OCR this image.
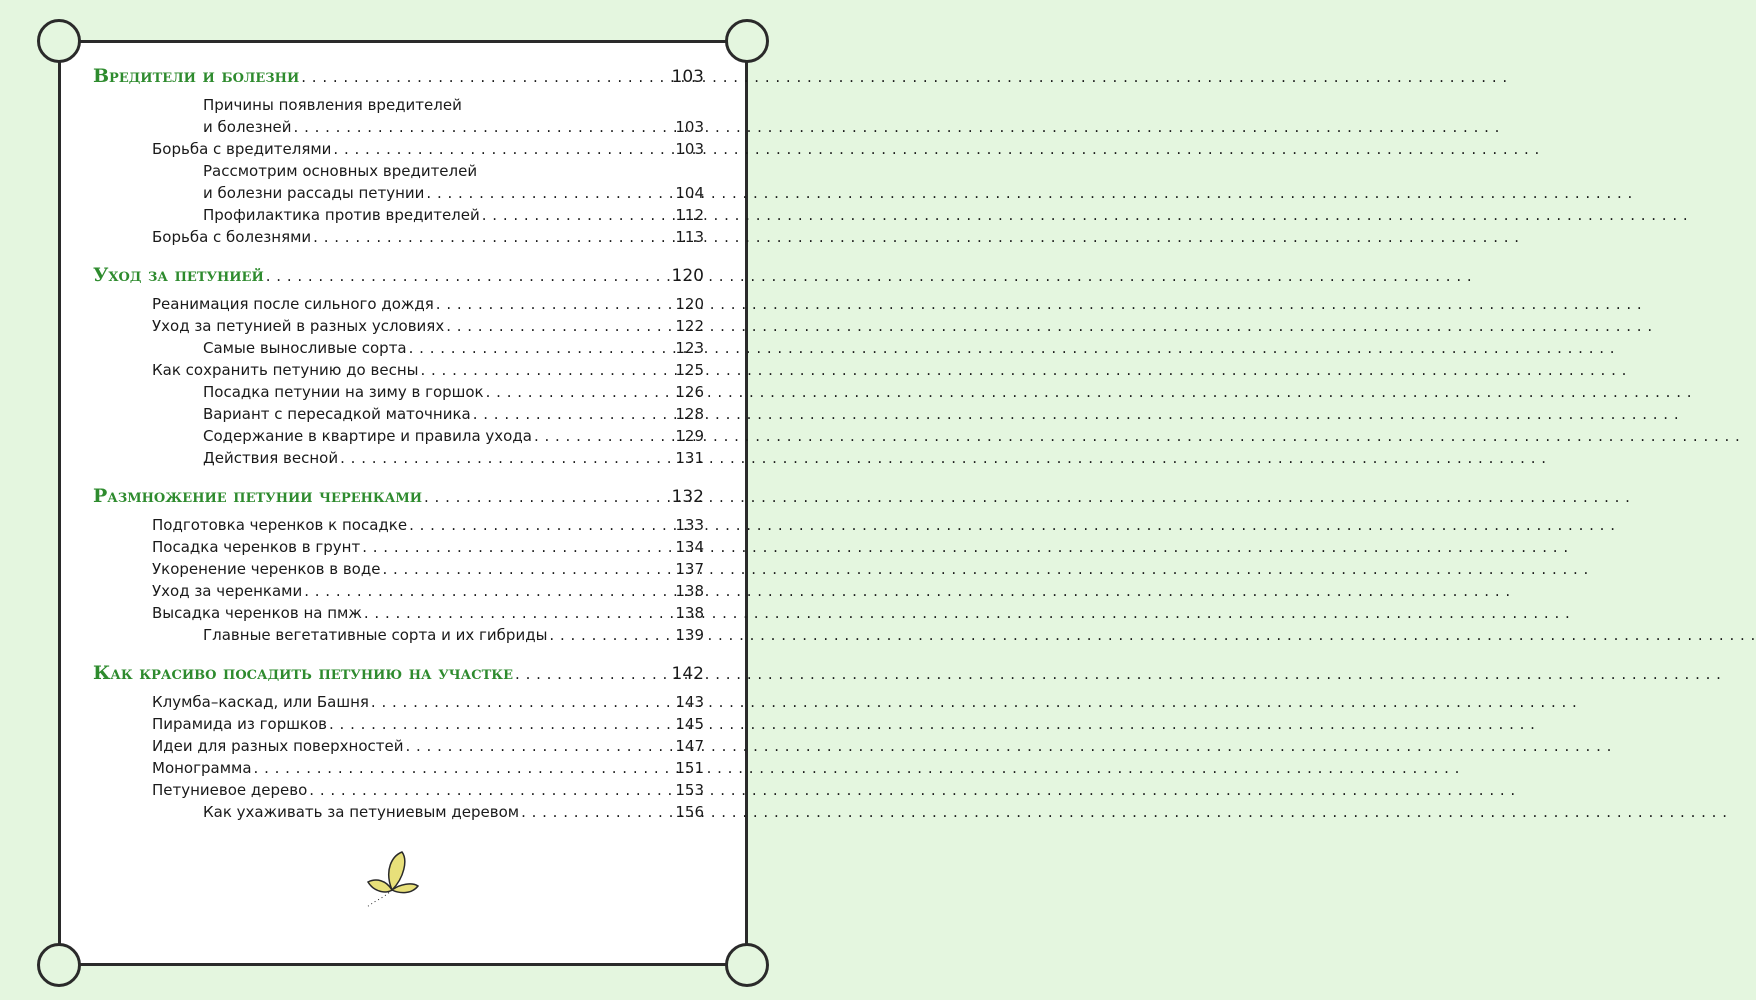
Вредители и болезни . . .	103
Причины появления вредителей
и болезней . . .	103
Борьба с вредителями . . .	103
Рассмотрим основных вредителей
и болезни рассады петунии . . .	104
Профилактика против вредителей . . .	112
Борьба с болезнями . . .	113
Уход за петунией . . .	120
Реанимация после сильного дождя . . .	120
Уход за петунией в разных условиях . . .	122
Самые выносливые сорта . . .	123
Как сохранить петунию до весны . . .	125
Посадка петунии на зиму в горшок . . .	126
Вариант с пересадкой маточника . . .	128
Содержание в квартире и правила ухода . . .	129
Действия весной . . .	131
Размножение петунии черенками . . .	132
Подготовка черенков к посадке . . .	133
Посадка черенков в грунт . . .	134
Укоренение черенков в воде . . .	137
Уход за черенками . . .	138
Высадка черенков на пмж . . .	138
Главные вегетативные сорта и их гибриды . . .	139
Как красиво посадить петунию на участке . . .	142
Клумба–каскад, или Башня . . .	143
Пирамида из горшков . . .	145
Идеи для разных поверхностей . . .	147
Монограмма . . .	151
Петуниевое дерево . . .	153
Как ухаживать за петуниевым деревом . . .	156
